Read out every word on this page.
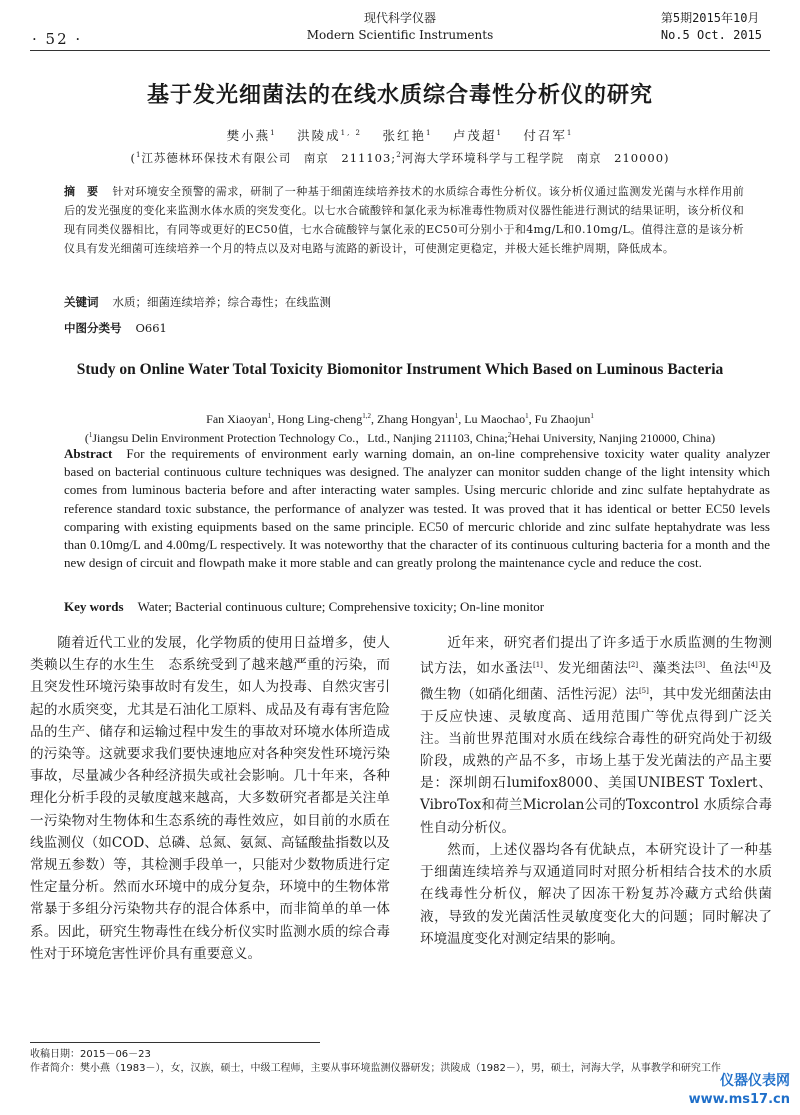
· 52 ·
现代科学仪器
Modern Scientific Instruments
第5期2015年10月
No.5 Oct. 2015
基于发光细菌法的在线水质综合毒性分析仪的研究
樊小燕$^1$　 洪陵成$^{1, 2}$　 张红艳$^1$　 卢茂超$^1$　 付召军$^1$
($^1$江苏德林环保技术有限公司　南京　211103;$^2$河海大学环境科学与工程学院　南京　210000)
摘　要 针对环境安全预警的需求，研制了一种基于细菌连续培养技术的水质综合毒性分析仪。该分析仪通过监测发光菌与水样作用前后的发光强度的变化来监测水体水质的突发变化。以七水合硫酸锌和氯化汞为标准毒性物质对仪器性能进行测试的结果证明，该分析仪和现有同类仪器相比，有同等或更好的EC50值，七水合硫酸锌与氯化汞的EC50可分别小于和4mg/L和0.10mg/L。值得注意的是该分析仪具有发光细菌可连续培养一个月的特点以及对电路与流路的新设计，可使测定更稳定，并极大延长维护周期，降低成本。
关键词 水质；细菌连续培养；综合毒性；在线监测
中图分类号 O661
Study on Online Water Total Toxicity Biomonitor Instrument Which Based on Luminous Bacteria
Fan Xiaoyan$^1$, Hong Ling-cheng$^{1,2}$, Zhang Hongyan$^1$, Lu Maochao$^1$, Fu Zhaojun$^1$
($^1$Jiangsu Delin Environment Protection Technology Co.，Ltd., Nanjing 211103, China;$^2$Hehai University, Nanjing 210000, China)
Abstract For the requirements of environment early warning domain, an on-line comprehensive toxicity water quality analyzer based on bacterial continuous culture techniques was designed. The analyzer can monitor sudden change of the light intensity which comes from luminous bacteria before and after interacting water samples. Using mercuric chloride and zinc sulfate heptahydrate as reference standard toxic substance, the performance of analyzer was tested. It was proved that it has identical or better EC50 levels comparing with existing equipments based on the same principle. EC50 of mercuric chloride and zinc sulfate heptahydrate was less than 0.10mg/L and 4.00mg/L respectively. It was noteworthy that the character of its continuous culturing bacteria for a month and the new design of circuit and flowpath make it more stable and can greatly prolong the maintenance cycle and reduce the cost.
Key words Water; Bacterial continuous culture; Comprehensive toxicity; On-line monitor

随着近代工业的发展，化学物质的使用日益增多，使人类赖以生存的水生生　态系统受到了越来越严重的污染，而且突发性环境污染事故时有发生，如人为投毒、自然灾害引起的水质突变，尤其是石油化工原料、成品及有毒有害危险品的生产、储存和运输过程中发生的事故对环境水体所造成的污染等。这就要求我们要快速地应对各种突发性环境污染事故，尽量减少各种经济损失或社会影响。几十年来，各种理化分析手段的灵敏度越来越高，大多数研究者都是关注单一污染物对生物体和生态系统的毒性效应，如目前的水质在线监测仪（如COD、总磷、总氮、氨氮、高锰酸盐指数以及常规五参数）等，其检测手段单一，只能对少数物质进行定性定量分析。然而水环境中的成分复杂，环境中的生物体常常暴于多组分污染物共存的混合体系中，而非简单的单一体系。因此，研究生物毒性在线分析仪实时监测水质的综合毒性对于环境危害性评价具有重要意义。

近年来，研究者们提出了许多适于水质监测的生物测试方法，如水蚤法[1]、发光细菌法[2]、藻类法[3]、鱼法[4]及微生物（如硝化细菌、活性污泥）法[5]，其中发光细菌法由于反应快速、灵敏度高、适用范围广等优点得到广泛关注。当前世界范围对水质在线综合毒性的研究尚处于初级阶段，成熟的产品不多，市场上基于发光菌法的产品主要是：深圳朗石lumifox8000、美国UNIBEST Toxlert、VibroTox和荷兰Microlan公司的Toxcontrol 水质综合毒性自动分析仪。

然而，上述仪器均各有优缺点，本研究设计了一种基于细菌连续培养与双通道同时对照分析相结合技术的水质在线毒性分析仪，解决了因冻干粉复苏冷藏方式给供菌液，导致的发光菌活性灵敏度变化大的问题；同时解决了环境温度变化对测定结果的影响。

收稿日期：2015－06－23
作者简介：樊小燕（1983－），女，汉族，硕士，中级工程师，主要从事环境监测仪器研发；洪陵成（1982－），男，硕士，河海大学，从事教学和研究工作
仪器仪表网
www.ms17.cn
